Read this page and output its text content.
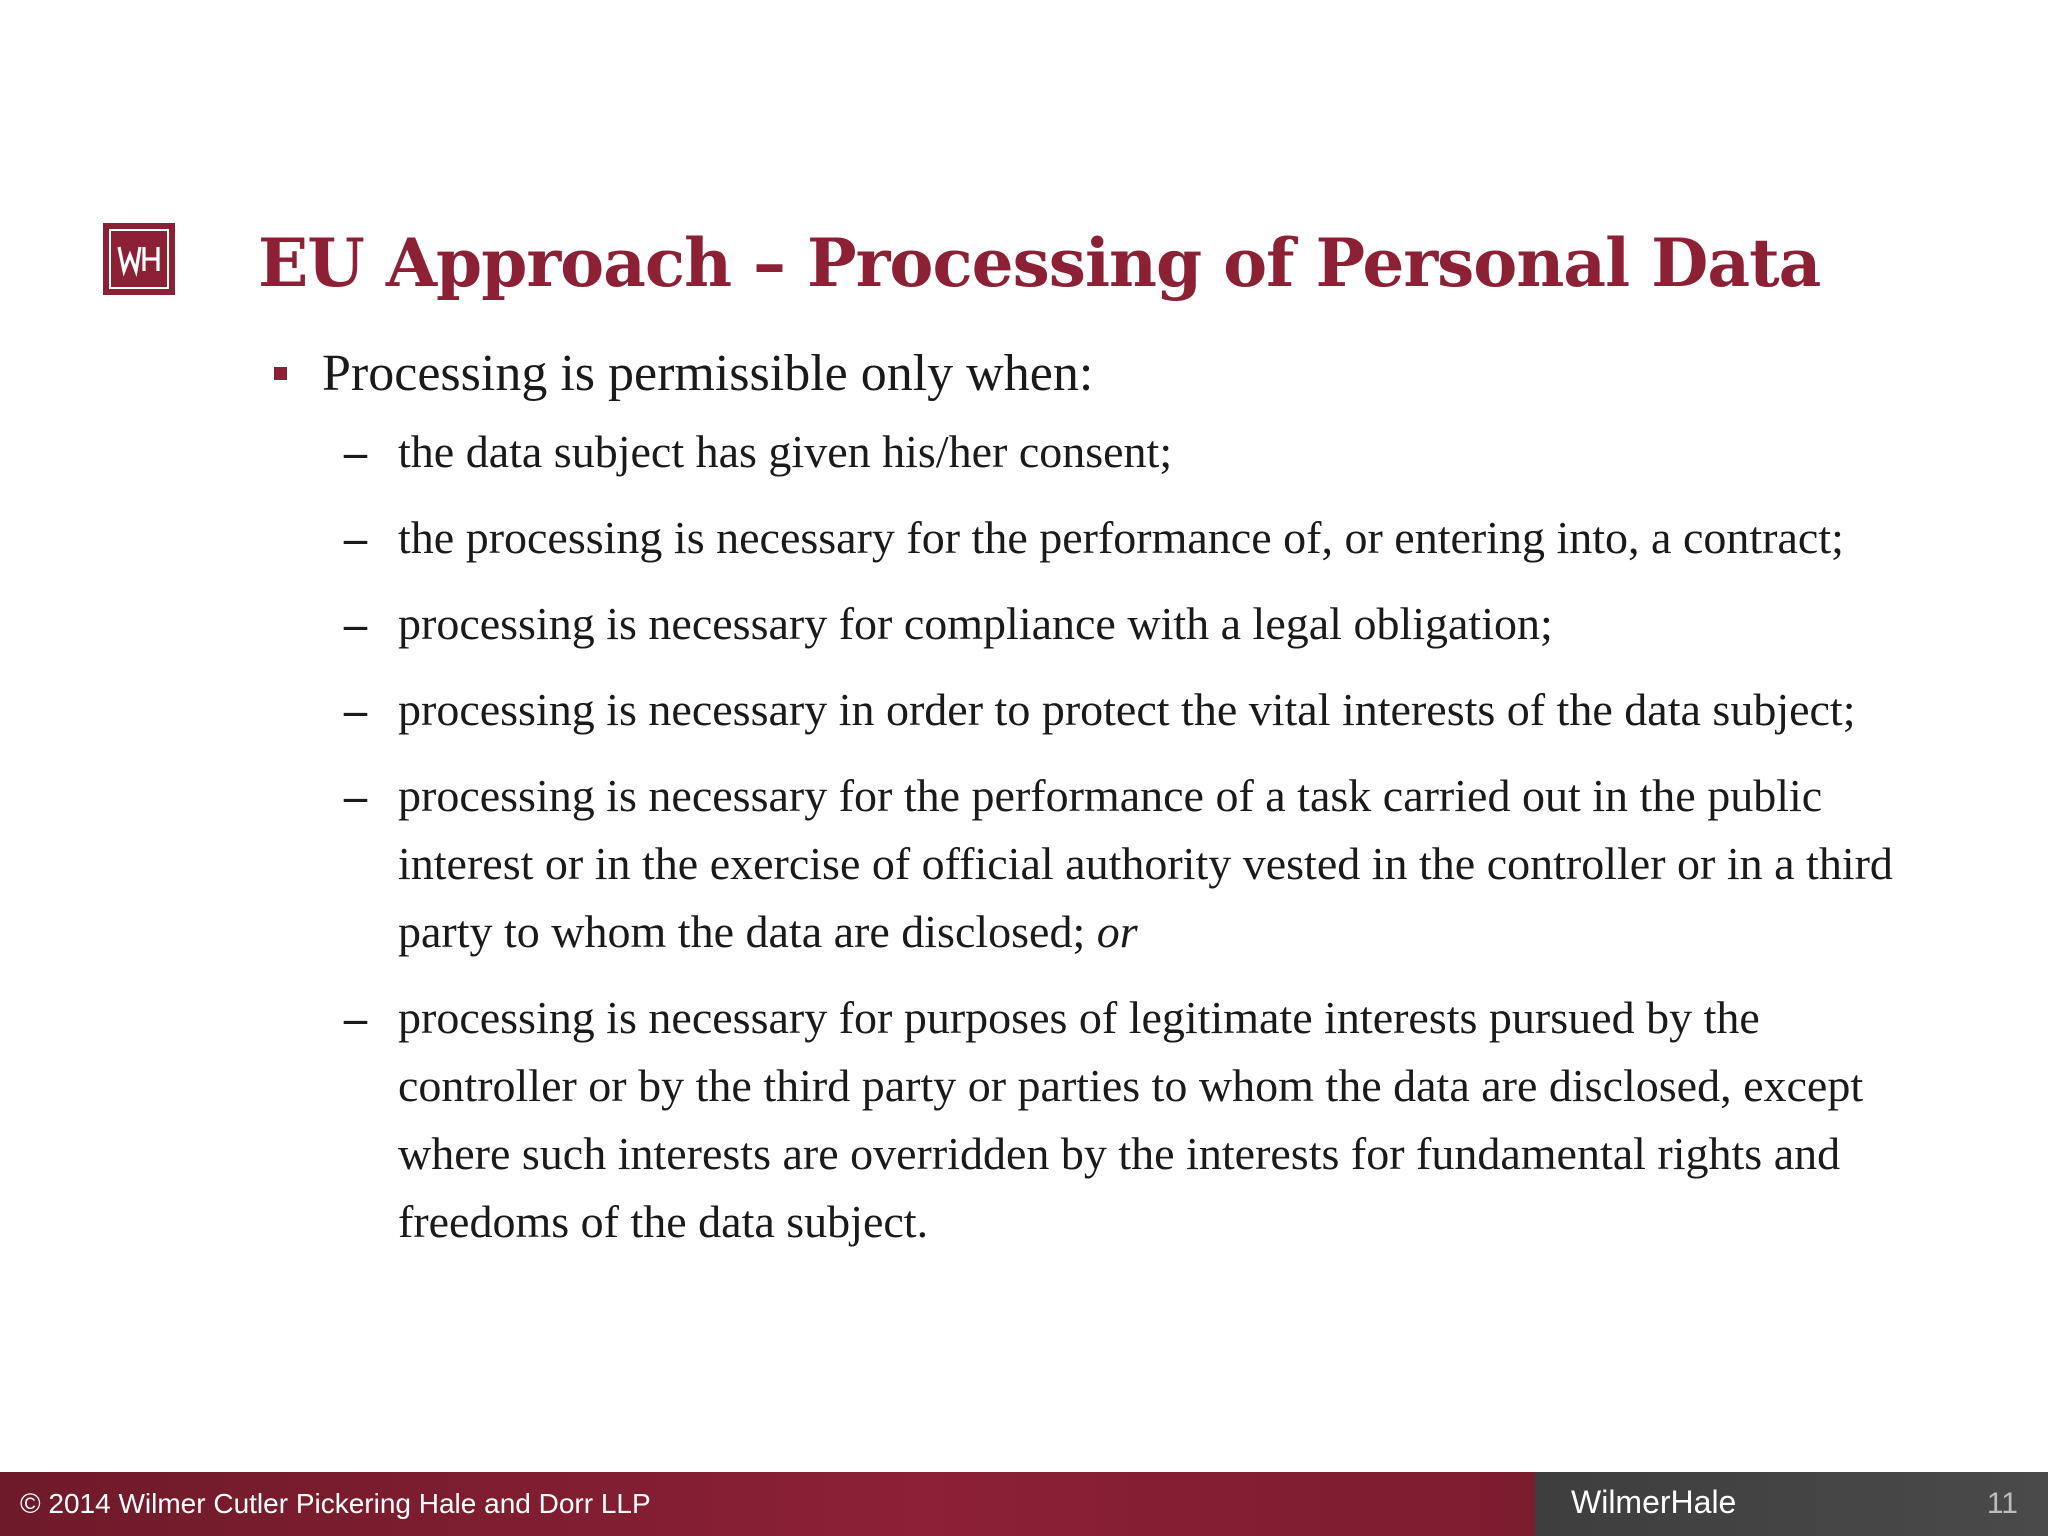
EU Approach – Processing of Personal Data
Processing is permissible only when:
– the data subject has given his/her consent;
– the processing is necessary for the performance of, or entering into, a contract;
– processing is necessary for compliance with a legal obligation;
– processing is necessary in order to protect the vital interests of the data subject;
– processing is necessary for the performance of a task carried out in the public interest or in the exercise of official authority vested in the controller or in a third party to whom the data are disclosed; or
– processing is necessary for purposes of legitimate interests pursued by the controller or by the third party or parties to whom the data are disclosed, except where such interests are overridden by the interests for fundamental rights and freedoms of the data subject.
© 2014 Wilmer Cutler Pickering Hale and Dorr LLP	WilmerHale	11
